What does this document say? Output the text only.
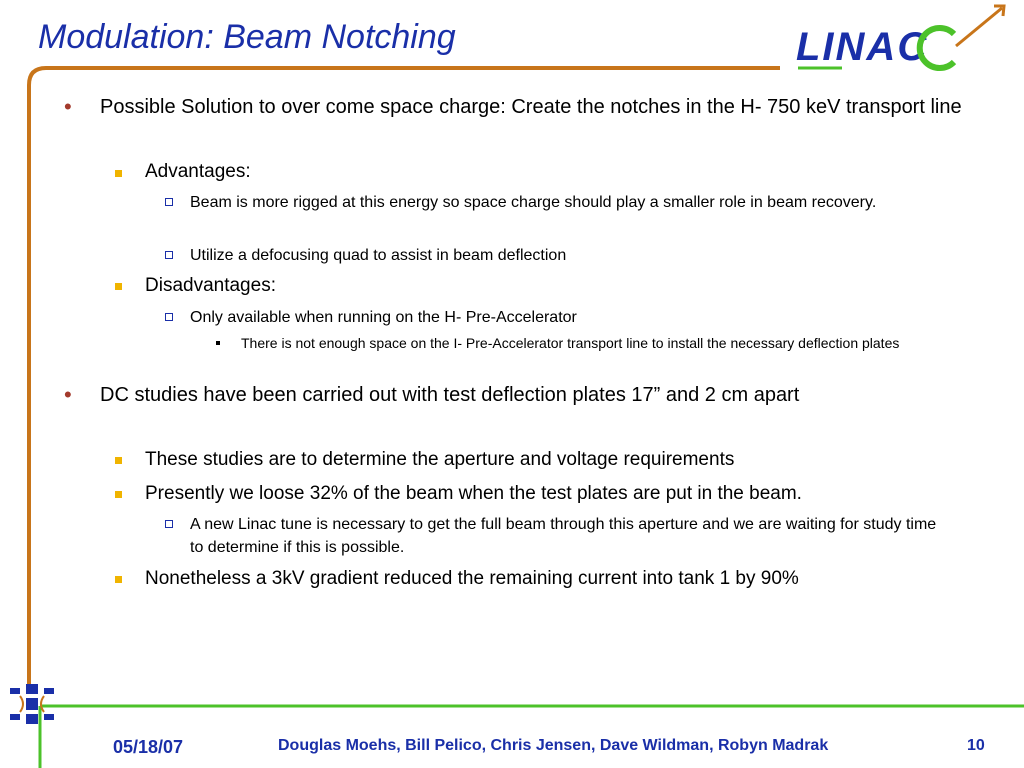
Modulation: Beam Notching	LINAC
• Possible Solution to over come space charge: Create the notches in the H- 750 keV transport line
Advantages:
Beam is more rigged at this energy so space charge should play a smaller role in beam recovery.
Utilize a defocusing quad to assist in beam deflection
Disadvantages:
Only available when running on the H- Pre-Accelerator
There is not enough space on the I- Pre-Accelerator transport line to install the necessary deflection plates
• DC studies have been carried out with test deflection plates 17” and 2 cm apart
These studies are to determine the aperture and voltage requirements
Presently we loose 32% of the beam when the test plates are put in the beam.
A new Linac tune is necessary to get the full beam through this aperture and we are waiting for study time to determine if this is possible.
Nonetheless a 3kV gradient reduced the remaining current into tank 1 by 90%
05/18/07	Douglas Moehs, Bill Pelico, Chris Jensen, Dave Wildman, Robyn Madrak	10
